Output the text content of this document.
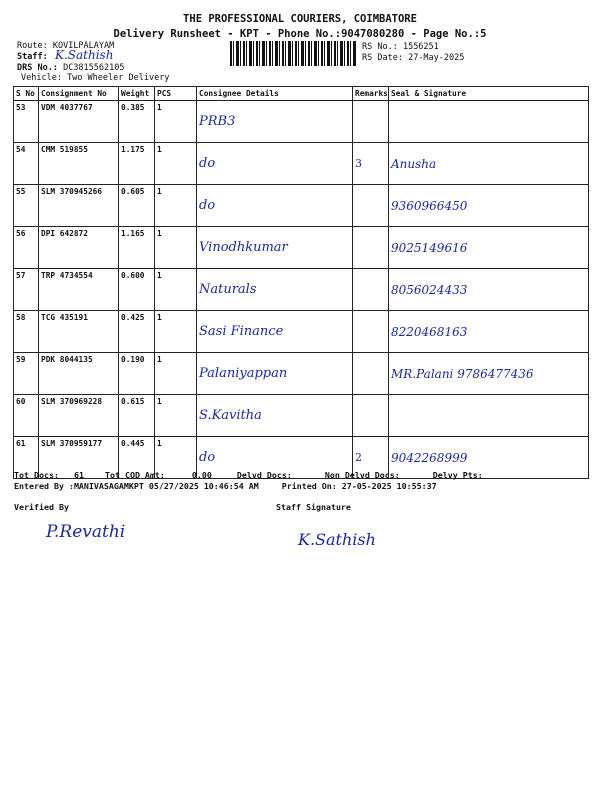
THE PROFESSIONAL COURIERS, COIMBATORE
Delivery Runsheet - KPT - Phone No.:9047080280 - Page No.:5
Route: KOVILPALAYAM
Staff: K.Sathish
DRS No.: DC3815562105
Vehicle: Two Wheeler Delivery
RS No.: 1556251
RS Date: 27-May-2025
S No	Consignment No	Weight	PCS	Consignee Details	Remarks	Seal & Signature
53	VDM 4037767	0.385	1	PRB3		
54	CMM 519855	1.175	1	do	3	Anusha
55	SLM 370945266	0.605	1	do		9360966450
56	DPI 642872	1.165	1	Vinodhkumar		9025149616
57	TRP 4734554	0.600	1	Naturals		8056024433
58	TCG 435191	0.425	1	Sasi Finance		8220468163
59	PDK 8044135	0.190	1	Palaniyappan		MR.Palani 9786477436
60	SLM 370969228	0.615	1	S.Kavitha		
61	SLM 370959177	0.445	1	do	2	9042268999
Tot Docs: 61	Tot COD Amt:	0.00	Delvd Docs:	Non Delvd Docs:	Delvy Pts:
Entered By :MANIVASAGAMKPT 05/27/2025 10:46:54 AM	Printed On: 27-05-2025 10:55:37
Verified By	Staff Signature
P.Revathi	K.Sathish
